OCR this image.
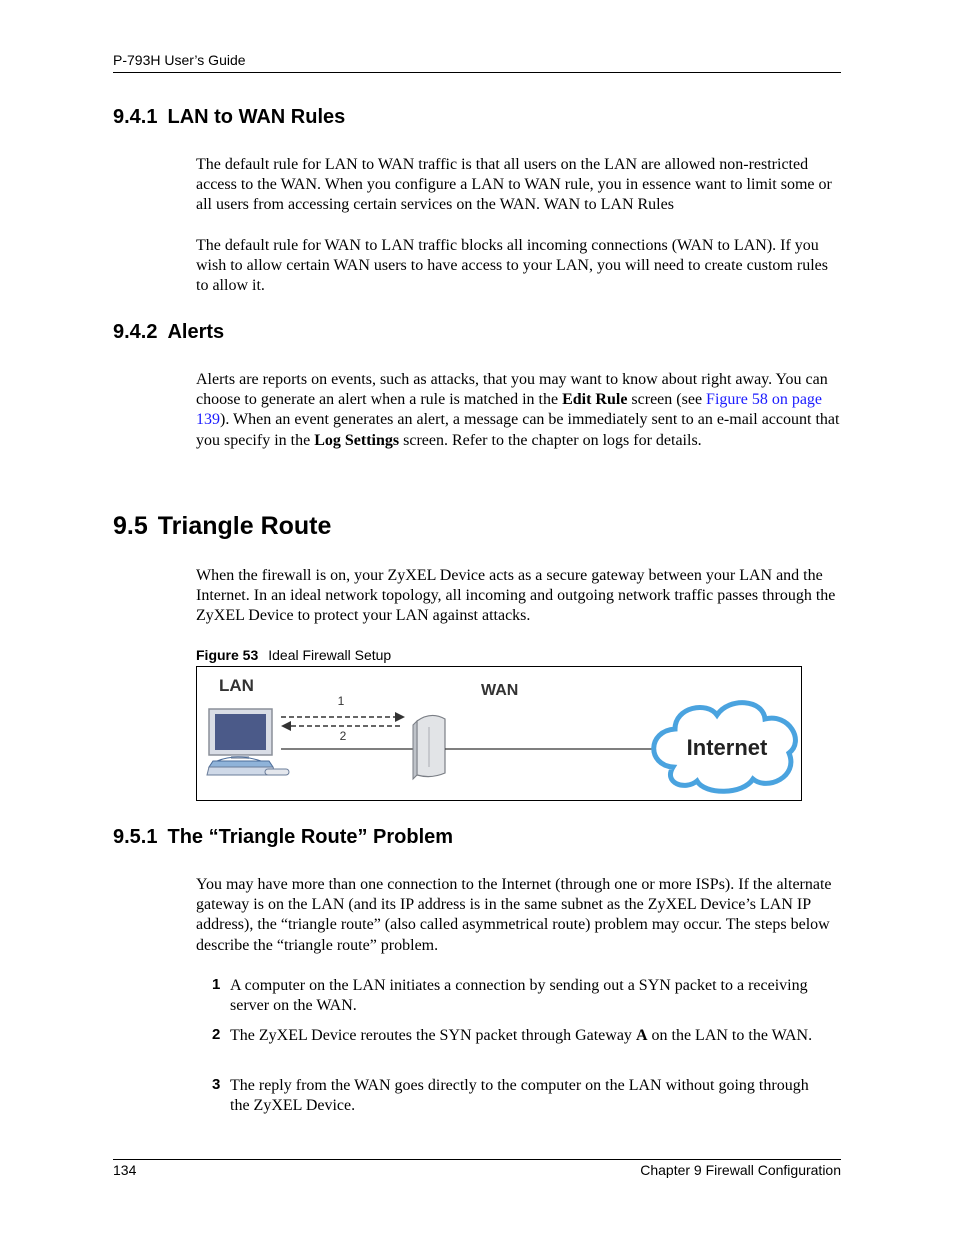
P-793H User’s Guide
9.4.1 LAN to WAN Rules

The default rule for LAN to WAN traffic is that all users on the LAN are allowed non-restricted access to the WAN. When you configure a LAN to WAN rule, you in essence want to limit some or all users from accessing certain services on the WAN. WAN to LAN Rules

The default rule for WAN to LAN traffic blocks all incoming connections (WAN to LAN). If you wish to allow certain WAN users to have access to your LAN, you will need to create custom rules to allow it.

9.4.2 Alerts

Alerts are reports on events, such as attacks, that you may want to know about right away. You can choose to generate an alert when a rule is matched in the Edit Rule screen (see Figure 58 on page 139). When an event generates an alert, a message can be immediately sent to an e-mail account that you specify in the Log Settings screen. Refer to the chapter on logs for details.

9.5 Triangle Route

When the firewall is on, your ZyXEL Device acts as a secure gateway between your LAN and the Internet. In an ideal network topology, all incoming and outgoing network traffic passes through the ZyXEL Device to protect your LAN against attacks.

Figure 53 Ideal Firewall Setup
LAN	WAN
1
2	Internet
9.5.1 The “Triangle Route” Problem

You may have more than one connection to the Internet (through one or more ISPs). If the alternate gateway is on the LAN (and its IP address is in the same subnet as the ZyXEL Device’s LAN IP address), the “triangle route” (also called asymmetrical route) problem may occur. The steps below describe the “triangle route” problem.

1 A computer on the LAN initiates a connection by sending out a SYN packet to a receiving server on the WAN.
2 The ZyXEL Device reroutes the SYN packet through Gateway A on the LAN to the WAN.
3 The reply from the WAN goes directly to the computer on the LAN without going through the ZyXEL Device.
134	Chapter 9 Firewall Configuration
